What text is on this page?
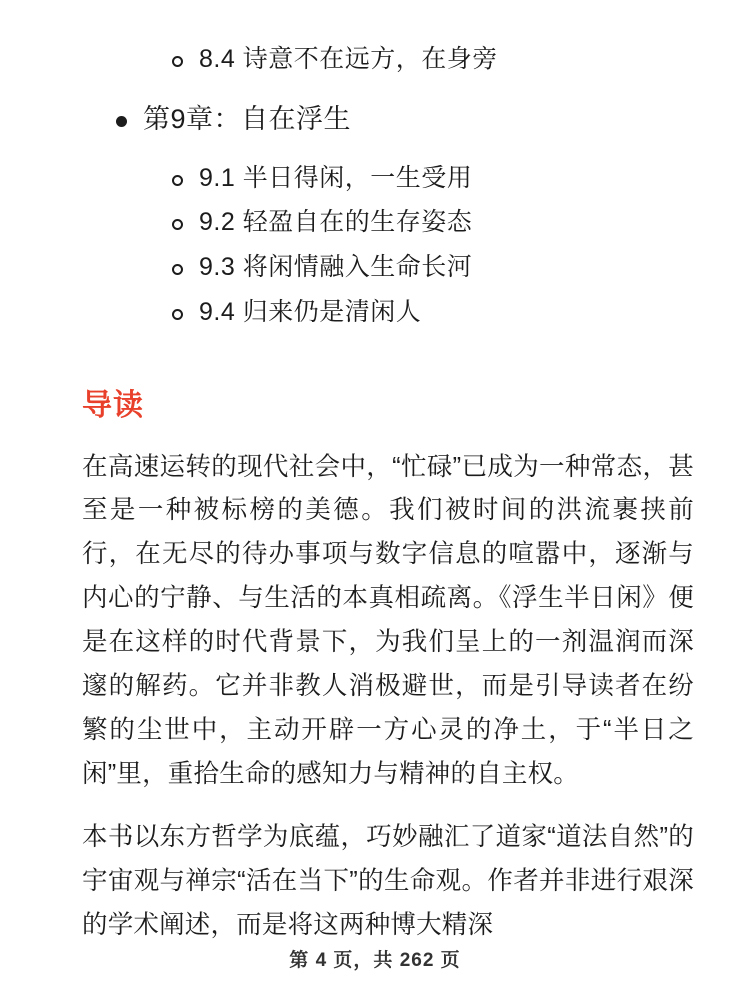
8.4 诗意不在远方，在身旁
第9章：自在浮生
9.1 半日得闲，一生受用
9.2 轻盈自在的生存姿态
9.3 将闲情融入生命长河
9.4 归来仍是清闲人
导读

在高速运转的现代社会中，“忙碌”已成为一种常态，甚至是一种被标榜的美德。我们被时间的洪流裹挟前行，在无尽的待办事项与数字信息的喧嚣中，逐渐与内心的宁静、与生活的本真相疏离。《浮生半日闲》便是在这样的时代背景下，为我们呈上的一剂温润而深邃的解药。它并非教人消极避世，而是引导读者在纷繁的尘世中，主动开辟一方心灵的净土，于“半日之闲”里，重拾生命的感知力与精神的自主权。

本书以东方哲学为底蕴，巧妙融汇了道家“道法自然”的宇宙观与禅宗“活在当下”的生命观。作者并非进行艰深的学术阐述，而是将这两种博大精深

第 4 页，共 262 页
